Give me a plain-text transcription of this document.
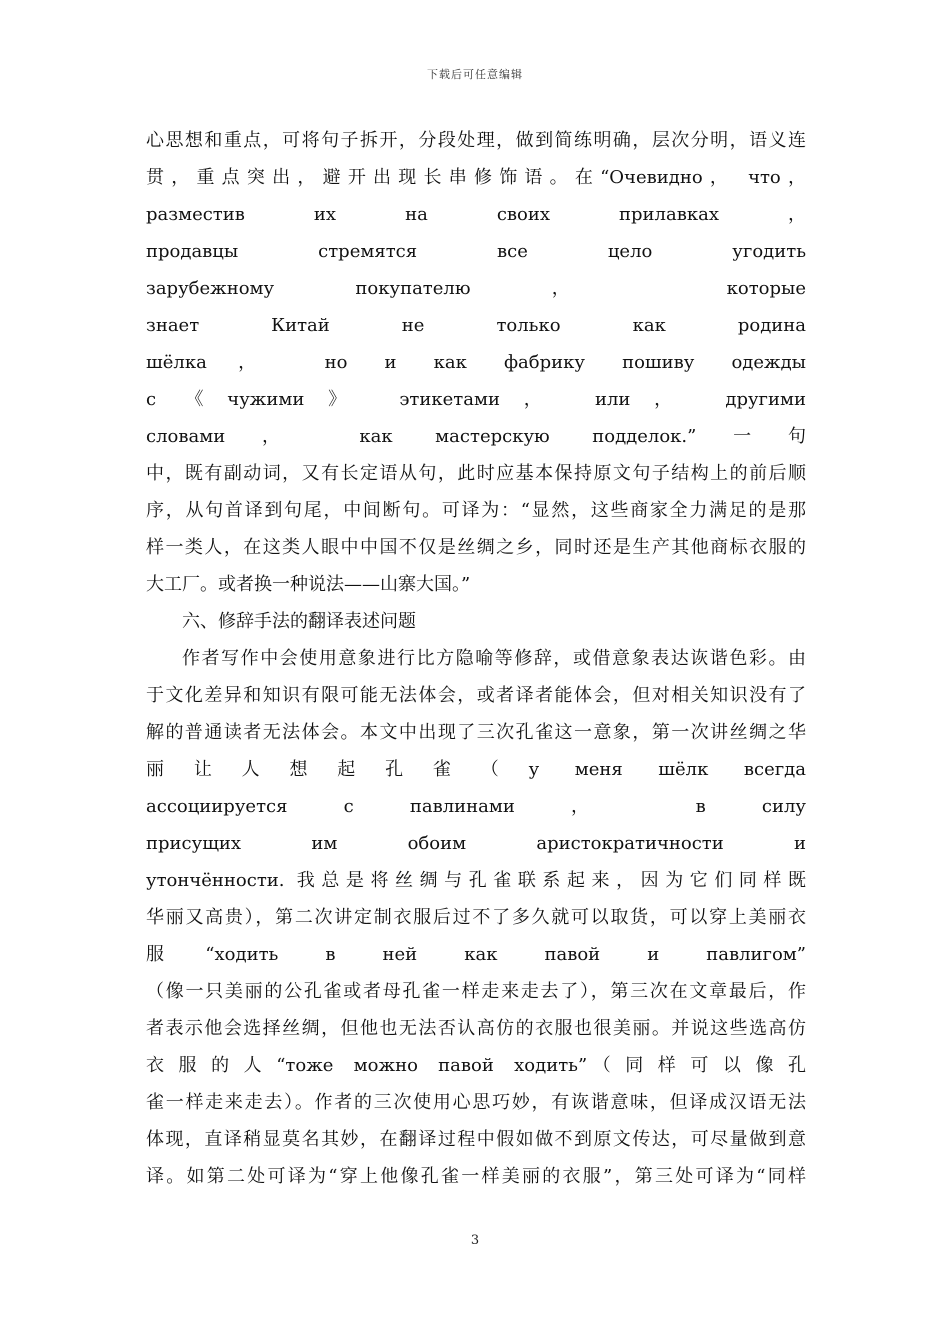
下载后可任意编辑
心思想和重点，可将句子拆开，分段处理，做到简练明确，层次分明，语义连
贯，重点突出，避开出现长串修饰语。在“Очевидно， что，
разместив их на своих прилавках ，
продавцы стремятся все цело угодить
зарубежному покупателю ， которые
знает Китай не только как родина
шёлка， но и как фабрику пошиву одежды
с 《чужими》 этикетами， или， другими
словами， как мастерскую подделок.”一句
中，既有副动词，又有长定语从句，此时应基本保持原文句子结构上的前后顺
序，从句首译到句尾，中间断句。可译为：“显然，这些商家全力满足的是那
样一类人，在这类人眼中中国不仅是丝绸之乡，同时还是生产其他商标衣服的
大工厂。或者换一种说法——山寨大国。”
六、修辞手法的翻译表述问题
作者写作中会使用意象进行比方隐喻等修辞，或借意象表达诙谐色彩。由
于文化差异和知识有限可能无法体会，或者译者能体会，但对相关知识没有了
解的普通读者无法体会。本文中出现了三次孔雀这一意象，第一次讲丝绸之华
丽让人想起孔雀（у меня шёлк всегда
ассоциируется с павлинами ， в силу
присущих им обоим аристократичности и
утончённости. 我总是将丝绸与孔雀联系起来，因为它们同样既
华丽又高贵），第二次讲定制衣服后过不了多久就可以取货，可以穿上美丽衣
服“ходить в ней как павой и павлигом”
（像一只美丽的公孔雀或者母孔雀一样走来走去了），第三次在文章最后，作
者表示他会选择丝绸，但他也无法否认高仿的衣服也很美丽。并说这些选高仿
衣服的人“тоже можно павой ходить”（同样可以像孔
雀一样走来走去）。作者的三次使用心思巧妙，有诙谐意味，但译成汉语无法
体现，直译稍显莫名其妙，在翻译过程中假如做不到原文传达，可尽量做到意
译。如第二处可译为“穿上他像孔雀一样美丽的衣服”，第三处可译为“同样
3
